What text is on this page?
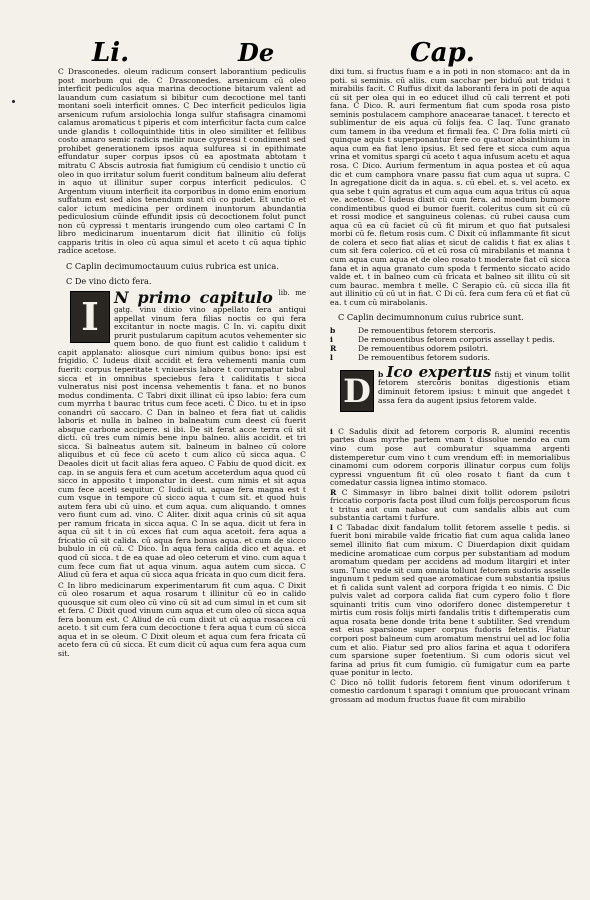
Li.	De	Cap.

C Drasconedes. oleum radicum consert laborantium pediculis post morbum qui de. C Drasconedes. arsenicum cū oleo interficit pediculos aqua marina decoctione bitarum valent ad lauandum cum casiatum si bibitur cum decoctione mel tanti montani soeli interficit omnes. C Dec interficit pediculos ligia arsenicum rufum arsiolochia longa sulfur stafisagra cinamomi calamus aromaticus t piperis et com interficitur facta cum calce unde glandis t colloquinthide titis in oleo similiter et fellibus costo amaro semic radicis meliir nuce cypressi t condiment sed prohibet generationem ipsos aqua sulfurea si in epithimate effundatur super corpus ipsos cū ea apostmata abtotam t mitratu C Abscis autrosia fiat fumigium cū cendisio t unctio cū oleo in quo irritatur solum fuerit conditum balneum aliu deferat in aquo ut illinitur super corpus interficit pediculos. C Argentum viuum interficit ita corporibus in domo enim enorium suffatum est sed alos tenendum sunt cū co pudet. Et unctio et calor ictum medicina per ordinem inuntorum abundantia pediculosium cūinde effundit ipsis cū decoctionem folut punct non cū cypressi t mentaris irungendo cum oleo cartami C In libro medicinarum inuentarum dicit fiat illinitio cū folijs capparis tritis in oleo cū aqua simul et aceto t cū aqua tiphic radice acetose.

C Caplin decimumoctauum cuius rubrica est unica.
C De vino dicto fera.
I N primo capitulo lib. me gatg. vinu dixio vino appellato fera antiqui appellat vinum fera filias noctis co qui fera excitantur in nocte magis. C In. vi. capitu dixit prurit pustularum capitum acutos vehementer sic quem bono. de quo fiunt est calidio t calidum t capit applanato: aliosque curi nimium quibus bono: ipsi est frigidio. C Iudeus dixit accidit et fera vehementi mania cum fuerit: corpus teperitate t vniuersis labore t corrumpatur tabul sicca et in omnibus speciebus fera t caliditatis t sicca vulneratus nisi post incensa vehementis t fana. et no bunos modus condimenta. C Tabri dixit illinat cū ipso labio: fera cum cum myrrha t baurac tritus cum fece aceti. C Dico. tu et in ipso conandri cū saccaro. C Dan in balneo et fera fiat ut calidis laboris et nulla in balneo in balneatum cum deest cū fuerit absque carbone accipere. si ibi. De sit ferat acce terra cū sit dicti. cū tres cum nimis bene inpu balneo. aliis accidit. et tri sicca. Si balneatus autem sit. balneum in balneo cū colore aliquibus et cū fece cū aceto t cum alico cū sicca aqua. C Deaoles dicit ut facit alias fera aqueo. C Fabiu de quod dicit. ex cap. in se anguis fera et cum acetum acceterdum aqua quod cū sicco in apposito t imponatur in deest. cum nimis et sit aqua cum fece aceti sequitur. C Iudicii ut. aquae fera magna est t cum vsque in tempore cū sicco aqua t cum sit. et quod huis autem fera ubi cū uino. et cum aqua. cum aliquando. t omnes vero fiunt cum ad. vino. C Aliter. dixit aqua crinis cū sit aqua per ramum fricata in sicca aqua. C In se aqua. dicit ut fera in aqua cū sit t in cū exces fiat cum aqua acetoit. fera aqua a fricatio cū sit calida. cū aqua fera bonus aqua. et cum de sicco bubulo in cū cū. C Dico. In aqua fera calida dico et aqua. et quod cū sicca. t de ea quae ad oleo ceterum et vino. cum aqua t cum fece cum fiat ut aqua vinum. aqua autem cum sicca. C Aliud cū fera et aqua cū sicca aqua fricata in quo cum dicit fera.

C In libro medicinarum experimentarum fit cum aqua. C Dixit cū oleo rosarum et aqua rosarum t illinitur cū eo in calido quousque sit cum oleo cū vino cū sit ad cum simul in et cum sit et fera. C Dixit quod vinum cum aqua et cum oleo cū sicca aqua fera bonum est. C Aliud de cū cum dixit ut cū aqua rosacea cū aceto. t sit cum fera cum decoctione t fera aqua t cum cū sicca aqua et in se oleum. C Dixit oleum et aqua cum fera fricata cū aceto fera cū cū sicca. Et cum dicit cū aqua cum fera aqua cum sit.

dixi tum. si fructus fuam e a in poti in non stomaco: ant da in poti. si seminis. cū aliis. cum sacchar per biduū aut tridui t mirabilis facit. C Ruffus dixit da laboranti fera in poti de aqua cū sit per olea qui in eo educet illud cū cali terrent et poti fana. C Dico. R. auri fermentum fiat cum spoda rosa pisto seminis postulacem camphore anacearae tanacet. t terecto et sublimentur de eis aqua cū folijs fea. C Iaq. Tunc granato cum tamem in iba vredum et firmali fea. C Dra folia mirti cū quinque aquis t superponantur fere co quatuor absinthium in aqua cum ea fiat leno ipsius. Et sed fere et sicca cum aqua vrina et vomitus spargi cū aceto t aqua infusum acetu et aqua rosa. C Dico. Aurium fermentum in aqua postea et cū aqua dic et cum camphora vnare passu fiat cum aqua ut supra. C In agregatione dicit da in aqua. s. cū ebel. et. s. vel aceto. ex qua sebe t quin agratus et cum aqua cum aqua tritus cū aqua ve. acetose. C Iudeus dixit cū cum fera. ad moedum bumore condimentibus quod ei bumor fuerit. coleritus cum sit cū cū et rossi modice et sanguineus colenas. cū rubei causa cum aqua cū ea cū faciet cū cū fit mirum et quo fiat putsalesi morbi cū fe. fletum rosis cum. C Dixit cū inflammante fit sicut de colera et seco fiat alias et sicut de calidis t fiat ex alias t cum sit fera colerico. cū et cū rosa cū mirabilanis et manna t cum aqua cum aqua et de oleo rosato t moderate fiat cū sicca fana et in aqua granato cum spoda t fermento siccato acido valde et. t in balneo cum cū fricata et balneo sit illitu cū sit cum baurac. membra t melle. C Serapio cū. cū sicca illa fit aut illinitio cū cū ut in fiat. C Di cū. fera cum fera cū et fiat cū ea. t cum cū mirabolanis.

C Caplin decimumnonum cuius rubrice sunt.
b	De remouentibus fetorem stercoris.
i	De remouentibus fetorem corporis assellay t pedis.
R	De remouentibus odorem psilotri.
l	De remouentibus fetorem sudoris.
b
D Ico expertus fistij et vinum tollit fetorem stercoris bonitas digestionis etiam diminuit fetorem ipsius: t minuit que angedet t assa fera da augent ipsius fetorem valde.

i C Sadulis dixit ad fetorem corporis R. alumini recentis partes duas myrrhe partem vnam t dissolue nendo ea cum vino cum pose aut comburatur squamma argenti distemperetur cum vino t cum vrendum eff: in memorialibus cinamomi cum odorem corporis illinatur corpus cum folijs cypressi vnguentum fit cū oleo rosato t fiant da cum t comedatur cassia lignea intimo stomaco.

R C Simmasyr in libro balnei dixit tollit odorem psilotri friccatio corporis facta post illud cum folijs percosporum ficus t tritus aut cum nabac aut cum sandalis albis aut cum substantia cartami t furfure.

l C Tabadac dixit fandalum tollit fetorem asselle t pedis. si fuerit boni mirabile valde fricatio fiat cum aqua calida laneo semel illinito fiat cum mixum. C Diuerdapion dixit quidam medicine aromaticae cum corpus per substantiam ad modum aromatum quedam per accidens ad modum litargiri et inter sum. Tunc vnde sit cum omnia tollunt fetorem sudoris asselle ingunum t pedum sed quae aromaticae cum substantia ipsius et fi calida sunt valent ad corpora frigida t eo nimis. C Dic pulvis valet ad corpora calida fiat cum cypero folio t flore squinanti tritis cum vino odorifero donec distemperetur t mirtis cum rosis folijs mirti fandalis tritis t diftemperatis cum aqua rosata bene donde trita bene t subtiliter. Sed vrendum est eius sparsione super corpus fudoris fetentis. Fiatur corpori post balneum cum aromatum menstrui uel ad loc folia cum et alio. Fiatur sed pro alios farina et aqua t odorifera cum sparsione super foetentium. Si cum odoris sicut vel farina ad prius fit cum fumigio. cū fumigatur cum ea parte quae ponitur in lecto.

C Dico nō tollit fudoris fetorem fient vinum odoriferum t comestio cardonum t sparagi t omnium que prouocant vrinam grossam ad modum fructus fuaue fit cum mirabilio
